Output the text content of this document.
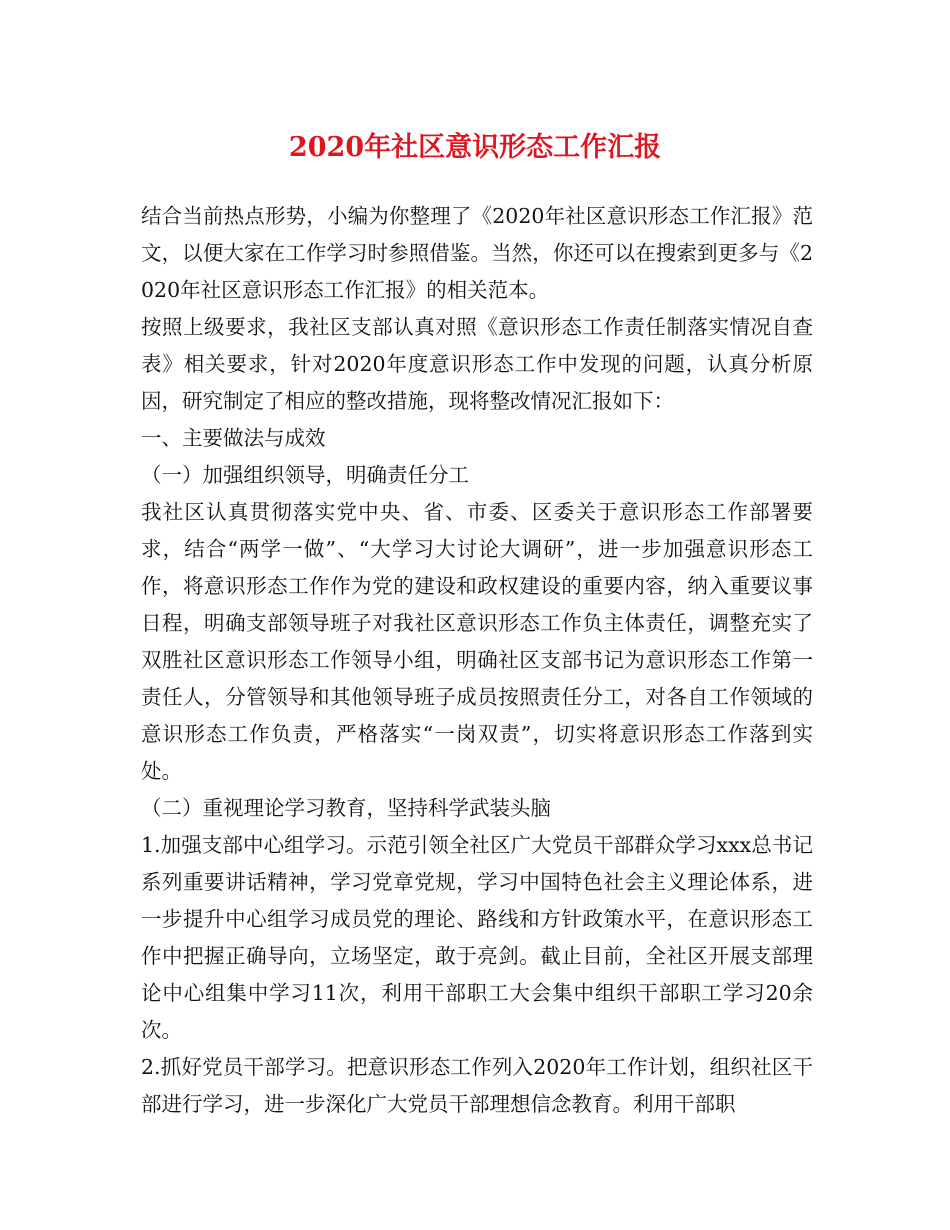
2020年社区意识形态工作汇报

结合当前热点形势，小编为你整理了《2020年社区意识形态工作汇报》范文，以便大家在工作学习时参照借鉴。当然，你还可以在搜索到更多与《2020年社区意识形态工作汇报》的相关范本。

按照上级要求，我社区支部认真对照《意识形态工作责任制落实情况自查表》相关要求，针对2020年度意识形态工作中发现的问题，认真分析原因，研究制定了相应的整改措施，现将整改情况汇报如下：

一、主要做法与成效

（一）加强组织领导，明确责任分工

我社区认真贯彻落实党中央、省、市委、区委关于意识形态工作部署要求，结合“两学一做”、“大学习大讨论大调研”，进一步加强意识形态工作，将意识形态工作作为党的建设和政权建设的重要内容，纳入重要议事日程，明确支部领导班子对我社区意识形态工作负主体责任，调整充实了双胜社区意识形态工作领导小组，明确社区支部书记为意识形态工作第一责任人，分管领导和其他领导班子成员按照责任分工，对各自工作领域的意识形态工作负责，严格落实“一岗双责”，切实将意识形态工作落到实处。

（二）重视理论学习教育，坚持科学武装头脑

1.加强支部中心组学习。示范引领全社区广大党员干部群众学习xxx总书记系列重要讲话精神，学习党章党规，学习中国特色社会主义理论体系，进一步提升中心组学习成员党的理论、路线和方针政策水平，在意识形态工作中把握正确导向，立场坚定，敢于亮剑。截止目前，全社区开展支部理论中心组集中学习11次，利用干部职工大会集中组织干部职工学习20余次。

2.抓好党员干部学习。把意识形态工作列入2020年工作计划，组织社区干部进行学习，进一步深化广大党员干部理想信念教育。利用干部职
